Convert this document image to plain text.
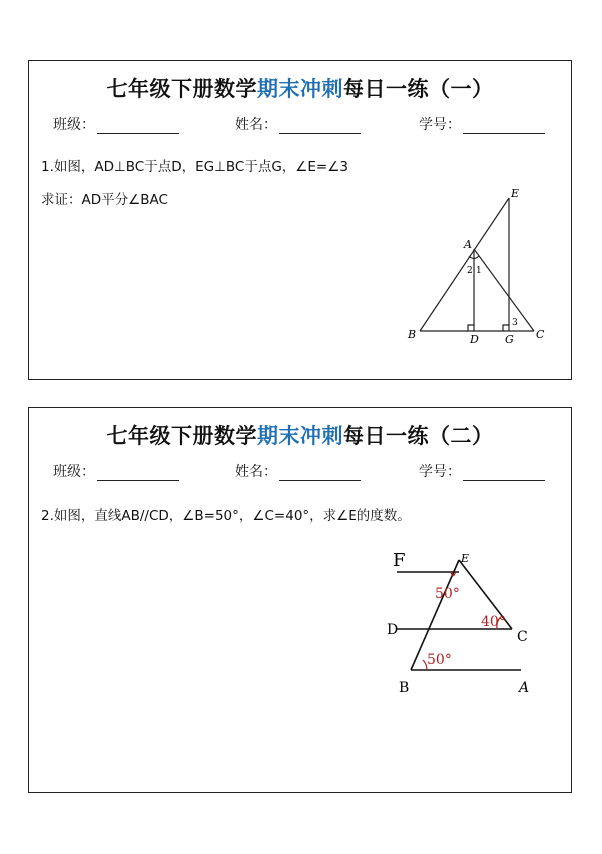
七年级下册数学期末冲刺每日一练（一）
班级：	姓名：	学号：
1.如图，AD⊥BC于点D，EG⊥BC于点G，∠E=∠3
求证：AD平分∠BAC	E
A
B	D G C
1
2
3
七年级下册数学期末冲刺每日一练（二）
班级：	姓名：	学号：
2.如图，直线AB//CD，∠B=50°，∠C=40°，求∠E的度数。
F	E
D	C
B	A
50°
40°
50°
